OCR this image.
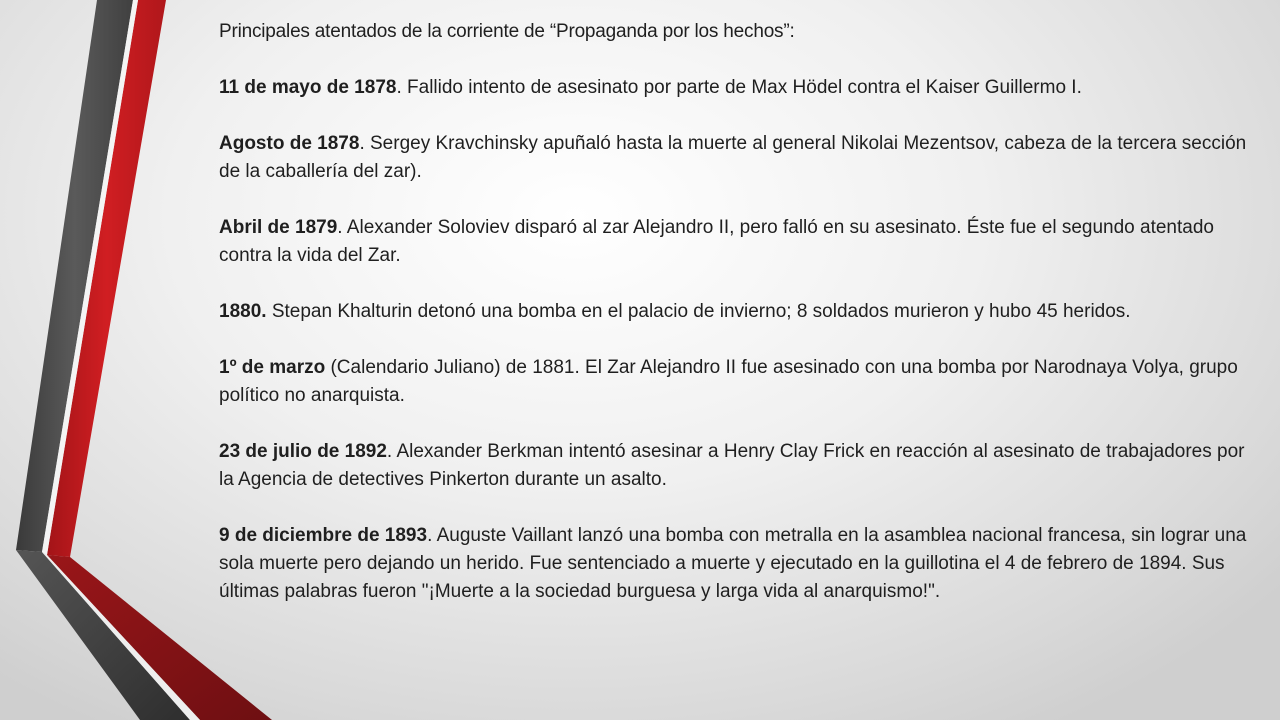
Principales atentados de la corriente de “Propaganda por los hechos”:

11 de mayo de 1878. Fallido intento de asesinato por parte de Max Hödel contra el Kaiser Guillermo I.

Agosto de 1878. Sergey Kravchinsky apuñaló hasta la muerte al general Nikolai Mezentsov, cabeza de la tercera sección de la caballería del zar).

Abril de 1879. Alexander Soloviev disparó al zar Alejandro II, pero falló en su asesinato. Éste fue el segundo atentado contra la vida del Zar.

1880. Stepan Khalturin detonó una bomba en el palacio de invierno; 8 soldados murieron y hubo 45 heridos.

1º de marzo (Calendario Juliano) de 1881. El Zar Alejandro II fue asesinado con una bomba por Narodnaya Volya, grupo político no anarquista.

23 de julio de 1892. Alexander Berkman intentó asesinar a Henry Clay Frick en reacción al asesinato de trabajadores por la Agencia de detectives Pinkerton durante un asalto.

9 de diciembre de 1893. Auguste Vaillant lanzó una bomba con metralla en la asamblea nacional francesa, sin lograr una sola muerte pero dejando un herido. Fue sentenciado a muerte y ejecutado en la guillotina el 4 de febrero de 1894. Sus últimas palabras fueron "¡Muerte a la sociedad burguesa y larga vida al anarquismo!".
